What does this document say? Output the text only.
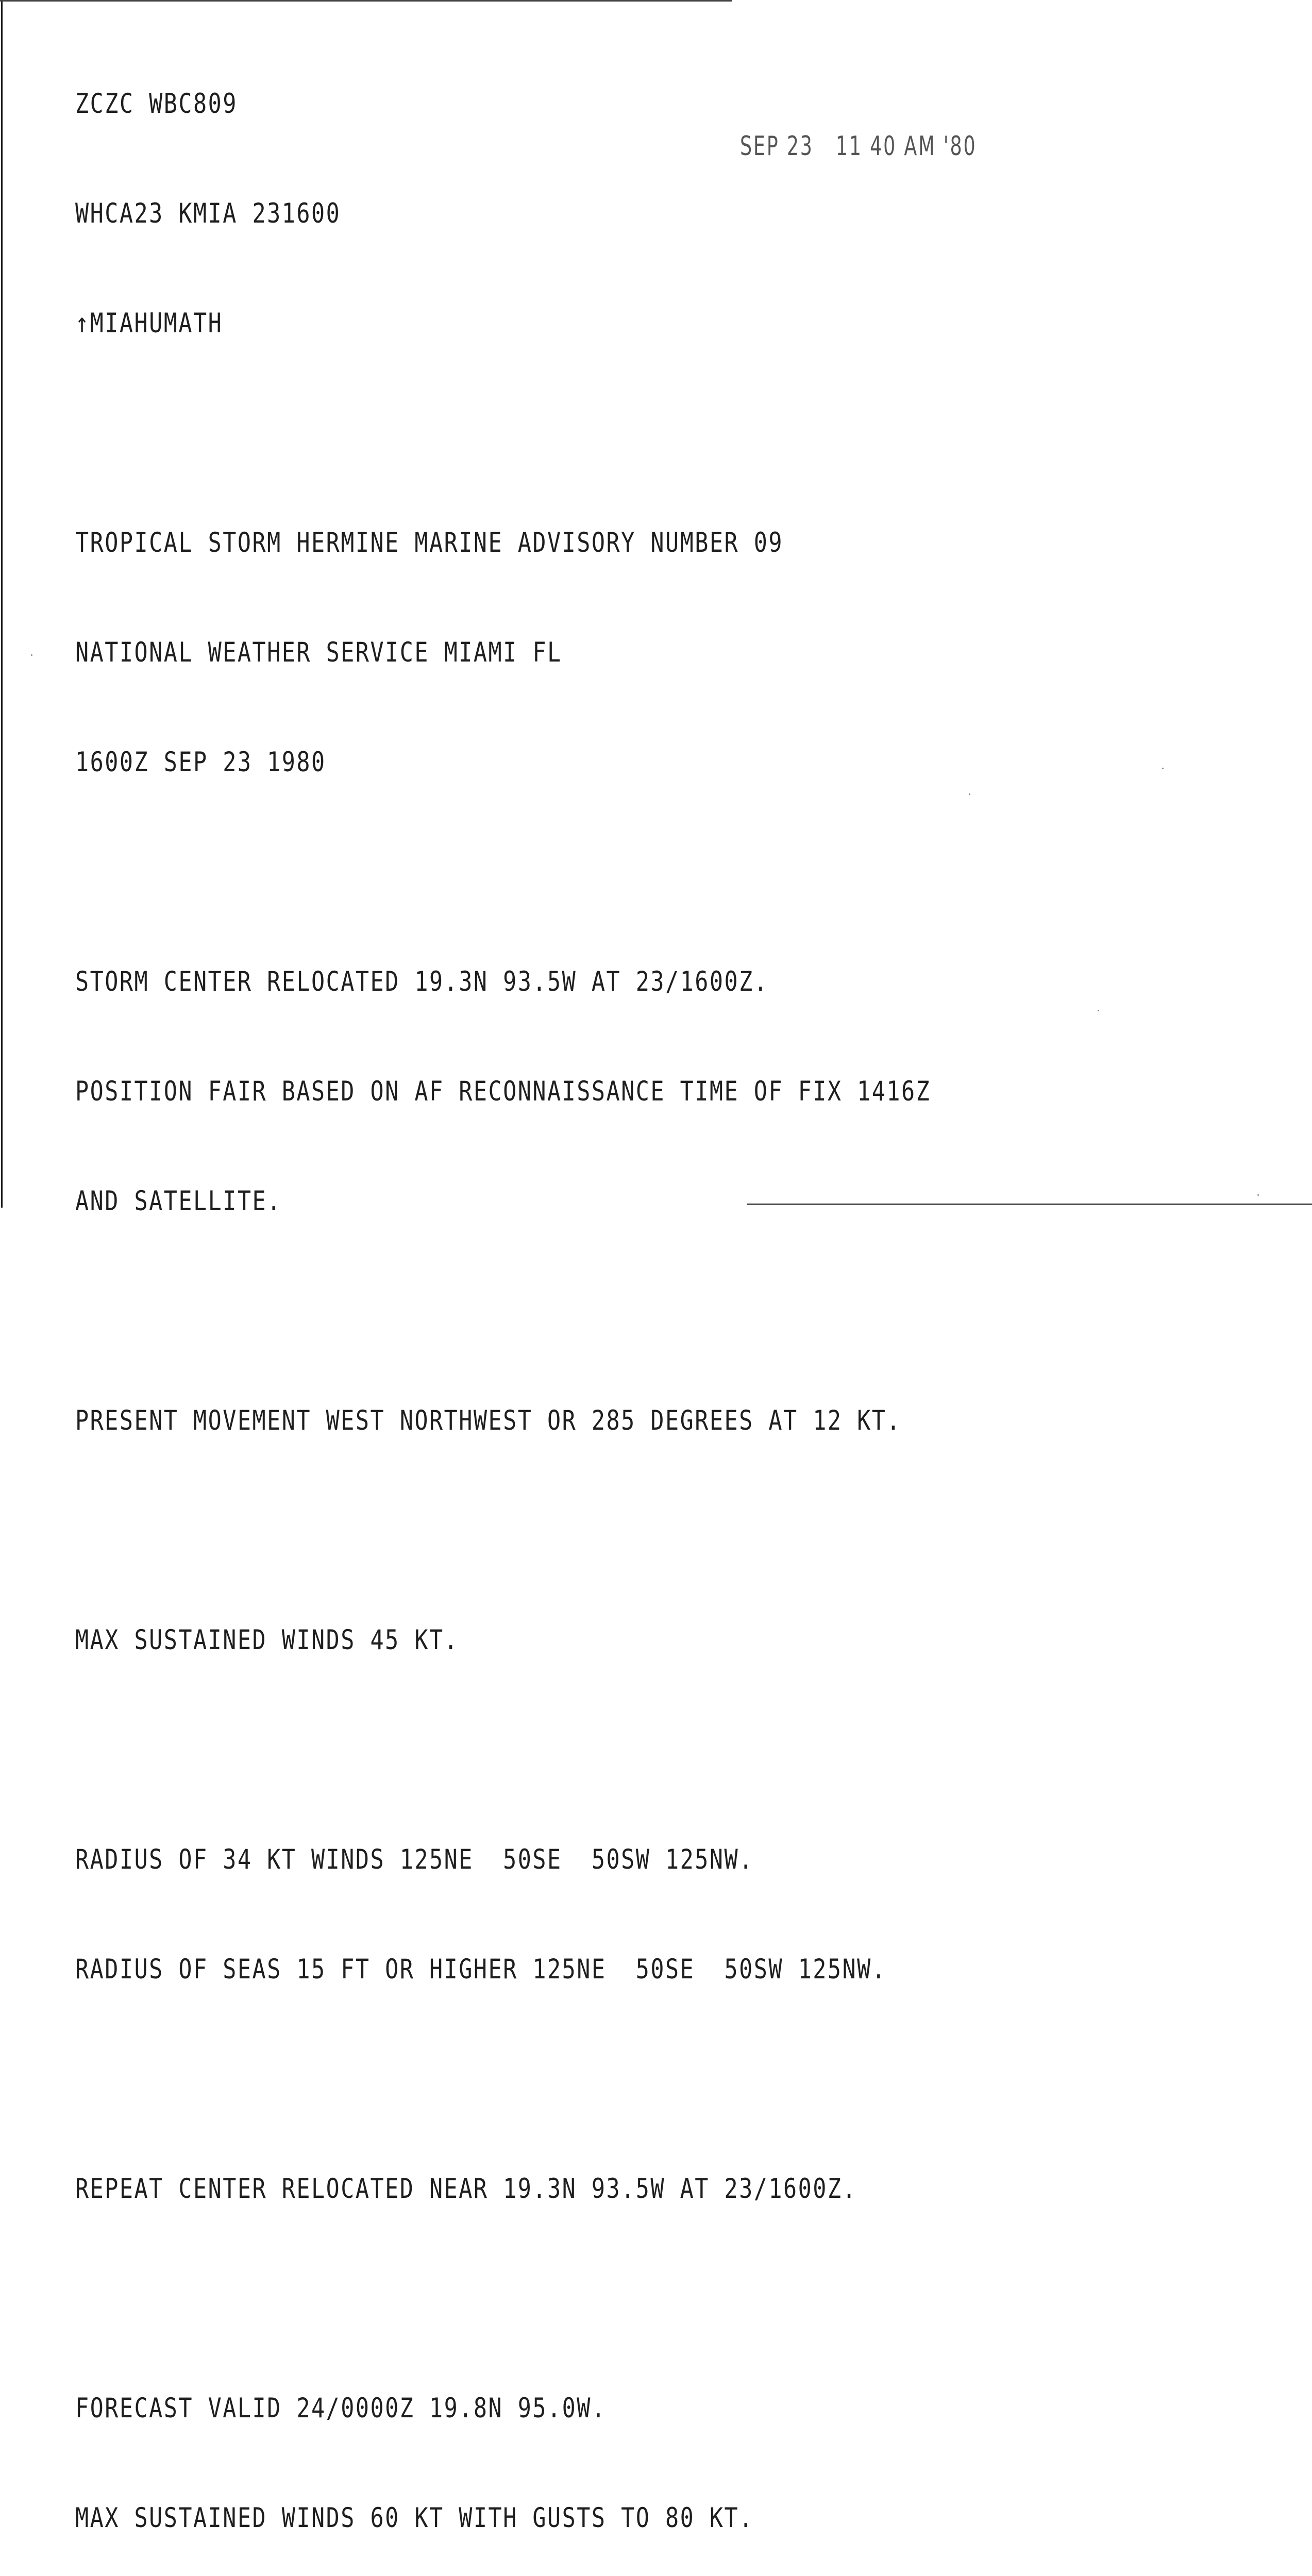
ZCZC WBC809

WHCA23 KMIA 231600

↑MIAHUMATH

TROPICAL STORM HERMINE MARINE ADVISORY NUMBER 09

NATIONAL WEATHER SERVICE MIAMI FL

1600Z SEP 23 1980

STORM CENTER RELOCATED 19.3N 93.5W AT 23/1600Z.

POSITION FAIR BASED ON AF RECONNAISSANCE TIME OF FIX 1416Z

AND SATELLITE.

PRESENT MOVEMENT WEST NORTHWEST OR 285 DEGREES AT 12 KT.

MAX SUSTAINED WINDS 45 KT.

RADIUS OF 34 KT WINDS 125NE  50SE  50SW 125NW.

RADIUS OF SEAS 15 FT OR HIGHER 125NE  50SE  50SW 125NW.

REPEAT CENTER RELOCATED NEAR 19.3N 93.5W AT 23/1600Z.

FORECAST VALID 24/0000Z 19.8N 95.0W.

MAX SUSTAINED WINDS 60 KT WITH GUSTS TO 80 KT.

SEP 23   11 40 AM '80
